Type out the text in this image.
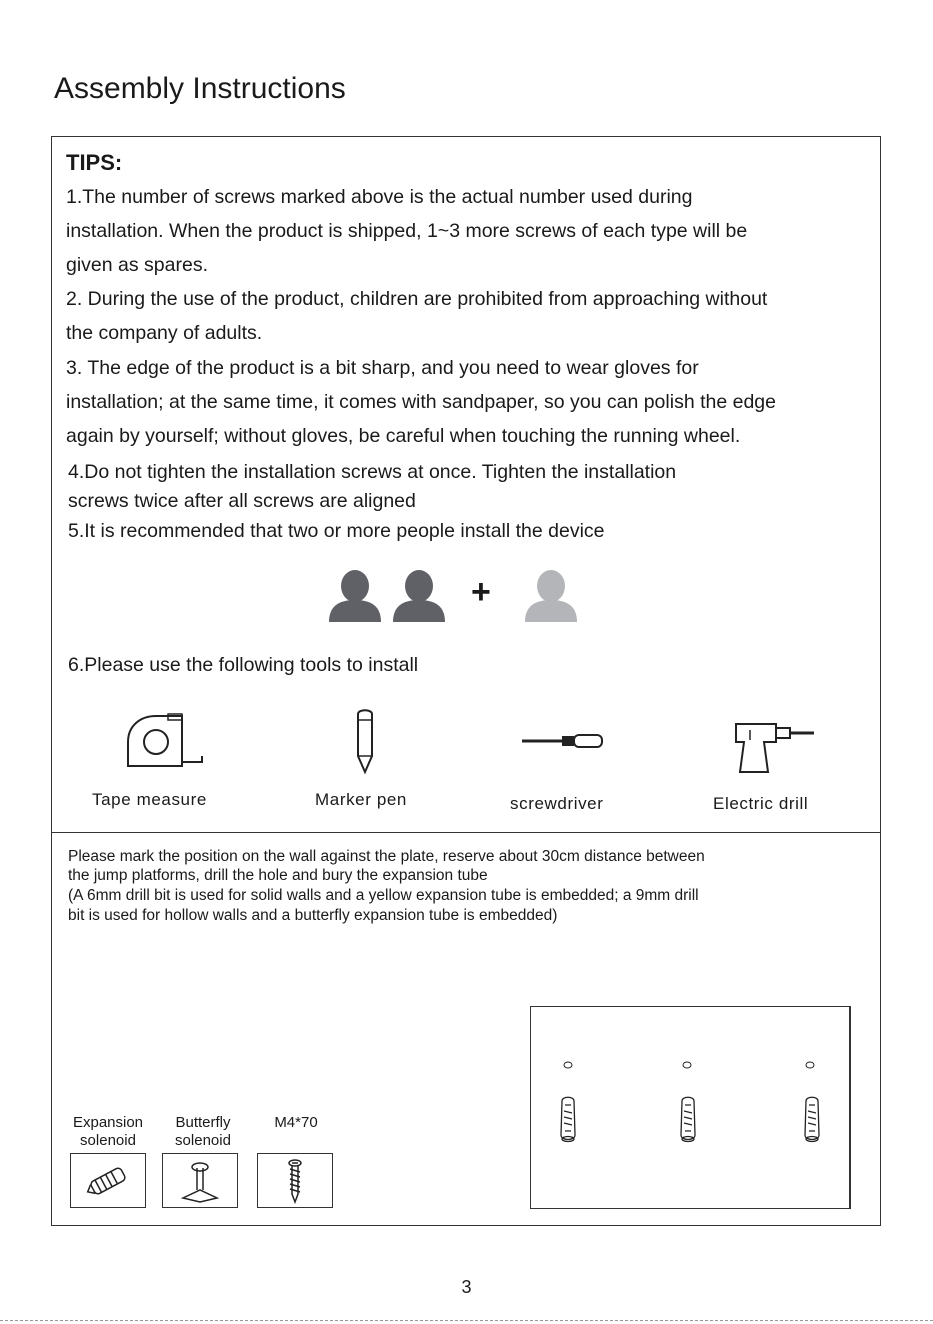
Assembly Instructions
TIPS:
1.The number of screws marked above is the actual number used during
installation. When the product is shipped, 1~3 more screws of each type will be
given as spares.
2. During the use of the product, children are prohibited from approaching without
the company of adults.
3. The edge of the product is a bit sharp, and you need to wear gloves for
installation; at the same time, it comes with sandpaper, so you can polish the edge
again by yourself; without gloves, be careful when touching the running wheel.
4.Do not tighten the installation screws at once. Tighten the installation
screws twice after all screws are aligned
5.It is recommended that two or more people install the device
+
6.Please use the following tools to install
Tape measure	Marker pen	screwdriver	Electric drill
Please mark the position on the wall against the plate, reserve about 30cm distance between
the jump platforms, drill the hole and bury the expansion tube
(A 6mm drill bit is used for solid walls and a yellow expansion tube is embedded; a 9mm drill
bit is used for hollow walls and a butterfly expansion tube is embedded)
Expansion
solenoid
Butterfly
solenoid
M4*70
3
